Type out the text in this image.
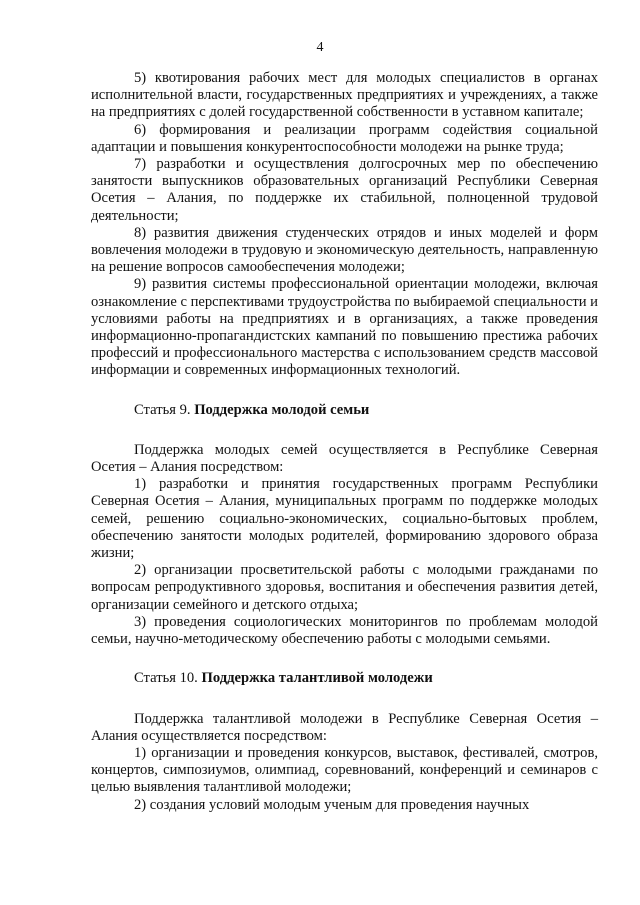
4

5) квотирования рабочих мест для молодых специалистов в органах исполнительной власти, государственных предприятиях и учреждениях, а также на предприятиях с долей государственной собственности в уставном капитале;

6) формирования и реализации программ содействия социальной адаптации и повышения конкурентоспособности молодежи на рынке труда;

7) разработки и осуществления долгосрочных мер по обеспечению занятости выпускников образовательных организаций Республики Северная Осетия – Алания, по поддержке их стабильной, полноценной трудовой деятельности;

8) развития движения студенческих отрядов и иных моделей и форм вовлечения молодежи в трудовую и экономическую деятельность, направленную на решение вопросов самообеспечения молодежи;

9) развития системы профессиональной ориентации молодежи, включая ознакомление с перспективами трудоустройства по выбираемой специальности и условиями работы на предприятиях и в организациях, а также проведения информационно-пропагандистских кампаний по повышению престижа рабочих профессий и профессионального мастерства с использованием средств массовой информации и современных информационных технологий.

Статья 9. Поддержка молодой семьи

Поддержка молодых семей осуществляется в Республике Северная Осетия – Алания посредством:

1) разработки и принятия государственных программ Республики Северная Осетия – Алания, муниципальных программ по поддержке молодых семей, решению социально-экономических, социально-бытовых проблем, обеспечению занятости молодых родителей, формированию здорового образа жизни;

2) организации просветительской работы с молодыми гражданами по вопросам репродуктивного здоровья, воспитания и обеспечения развития детей, организации семейного и детского отдыха;

3) проведения социологических мониторингов по проблемам молодой семьи, научно-методическому обеспечению работы с молодыми семьями.

Статья 10. Поддержка талантливой молодежи

Поддержка талантливой молодежи в Республике Северная Осетия – Алания осуществляется посредством:

1) организации и проведения конкурсов, выставок, фестивалей, смотров, концертов, симпозиумов, олимпиад, соревнований, конференций и семинаров с целью выявления талантливой молодежи;

2) создания условий молодым ученым для проведения научных
